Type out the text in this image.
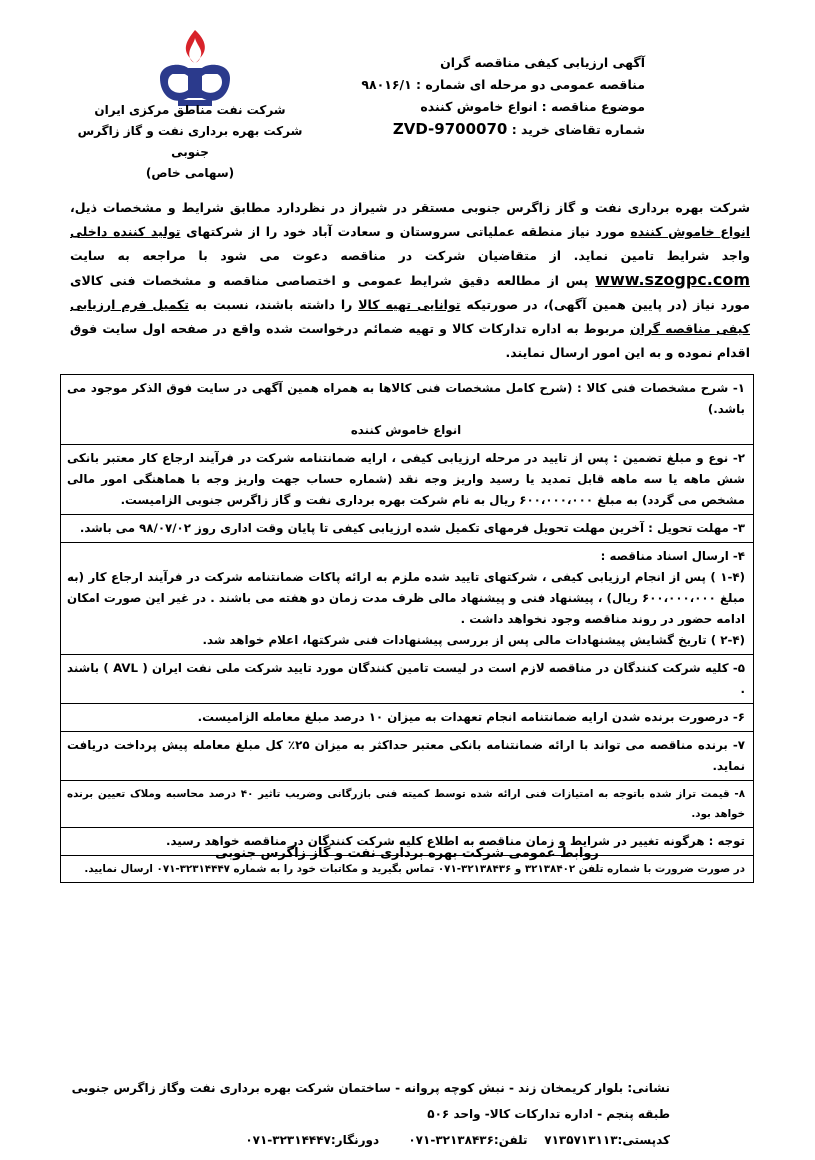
شرکت نفت مناطق مرکزی ایران
شرکت بهره برداری نفت و گاز زاگرس جنوبی
(سهامی خاص)
آگهی ارزیابی کیفی مناقصه گران
مناقصه عمومی دو مرحله ای شماره : ۹۸۰۱۶/۱
موضوع مناقصه : انواع خاموش کننده
شماره تقاضای خرید : ZVD-9700070
شرکت بهره برداری نفت و گاز زاگرس جنوبی مستقر در شیراز در نظردارد مطابق شرایط و مشخصات ذیل، انواع خاموش کننده مورد نیاز منطقه عملیاتی سروستان و سعادت آباد خود را از شرکتهای تولید کننده داخلی واجد شرایط تامین نماید. از متقاضیان شرکت در مناقصه دعوت می شود با مراجعه به سایت www.szogpc.com پس از مطالعه دقیق شرایط عمومی و اختصاصی مناقصه و مشخصات فنی کالای مورد نیاز (در پایین همین آگهی)، در صورتیکه توانایی تهیه کالا را داشته باشند، نسبت به تکمیل فرم ارزیابی کیفی مناقصه گران مربوط به اداره تدارکات کالا و تهیه ضمائم درخواست شده واقع در صفحه اول سایت فوق اقدام نموده و به این امور ارسال نمایند.
۱- شرح مشخصات فنی کالا : (شرح کامل مشخصات فنی کالاها به همراه همین آگهی در سایت فوق الذکر موجود می باشد.)
انواع خاموش کننده

۲- نوع و مبلغ تضمین : پس از تایید در مرحله ارزیابی کیفی ، ارایه ضمانتنامه شرکت در فرآیند ارجاع کار معتبر بانکی شش ماهه یا سه ماهه قابل تمدید یا رسید واریز وجه نقد (شماره حساب جهت واریز وجه با هماهنگی امور مالی مشخص می گردد) به مبلغ ۶۰۰،۰۰۰،۰۰۰ ریال به نام شرکت بهره برداری نفت و گاز زاگرس جنوبی الزامیست.
۳- مهلت تحویل : آخرین مهلت تحویل فرمهای تکمیل شده ارزیابی کیفی تا پایان وقت اداری روز ۹۸/۰۷/۰۲ می باشد.

۴- ارسال اسناد مناقصه :
(۱-۴ ) پس از انجام ارزیابی کیفی ، شرکتهای تایید شده ملزم به ارائه پاکات ضمانتنامه شرکت در فرآیند ارجاع کار (به مبلغ ۶۰۰،۰۰۰،۰۰۰ ریال) ، پیشنهاد فنی و پیشنهاد مالی ظرف مدت زمان دو هفته می باشند . در غیر این صورت امکان ادامه حضور در روند مناقصه وجود نخواهد داشت .
(۲-۴ ) تاریخ گشایش پیشنهادات مالی پس از بررسی پیشنهادات فنی شرکتها، اعلام خواهد شد.

۵- کلیه شرکت کنندگان در مناقصه لازم است در لیست تامین کنندگان مورد تایید شرکت ملی نفت ایران ( AVL ) باشند .
۶- درصورت برنده شدن ارایه ضمانتنامه انجام تعهدات به میزان ۱۰ درصد مبلغ معامله الزامیست.
۷- برنده مناقصه می تواند با ارائه ضمانتنامه بانکی معتبر حداکثر به میزان ۲۵٪ کل مبلغ معامله پیش پرداخت دریافت نماید.
۸- قیمت تراز شده باتوجه به امتیازات فنی ارائه شده توسط کمیته فنی بازرگانی وضریب تاثیر ۴۰ درصد محاسبه وملاک تعیین برنده خواهد بود.
توجه : هرگونه تغییر در شرایط و زمان مناقصه به اطلاع کلیه شرکت کنندگان در مناقصه خواهد رسید.
در صورت ضرورت با شماره تلفن ۳۲۱۳۸۴۰۲ و ۳۲۱۳۸۴۳۶-۰۷۱ تماس بگیرید و مکاتبات خود را به شماره ۳۲۳۱۴۴۴۷-۰۷۱ ارسال نمایید.
روابط عمومی شرکت بهره برداری نفت و گاز زاگرس جنوبی
نشانی: بلوار کریمخان زند - نبش کوچه پروانه - ساختمان شرکت بهره برداری نفت وگاز زاگرس جنوبی
طبقه پنجم - اداره تدارکات کالا- واحد ۵۰۶
کدپستی:۷۱۳۵۷۱۳۱۱۳    تلفن:۳۲۱۳۸۴۳۶-۰۷۱       دورنگار:۳۲۳۱۴۴۴۷-۰۷۱
